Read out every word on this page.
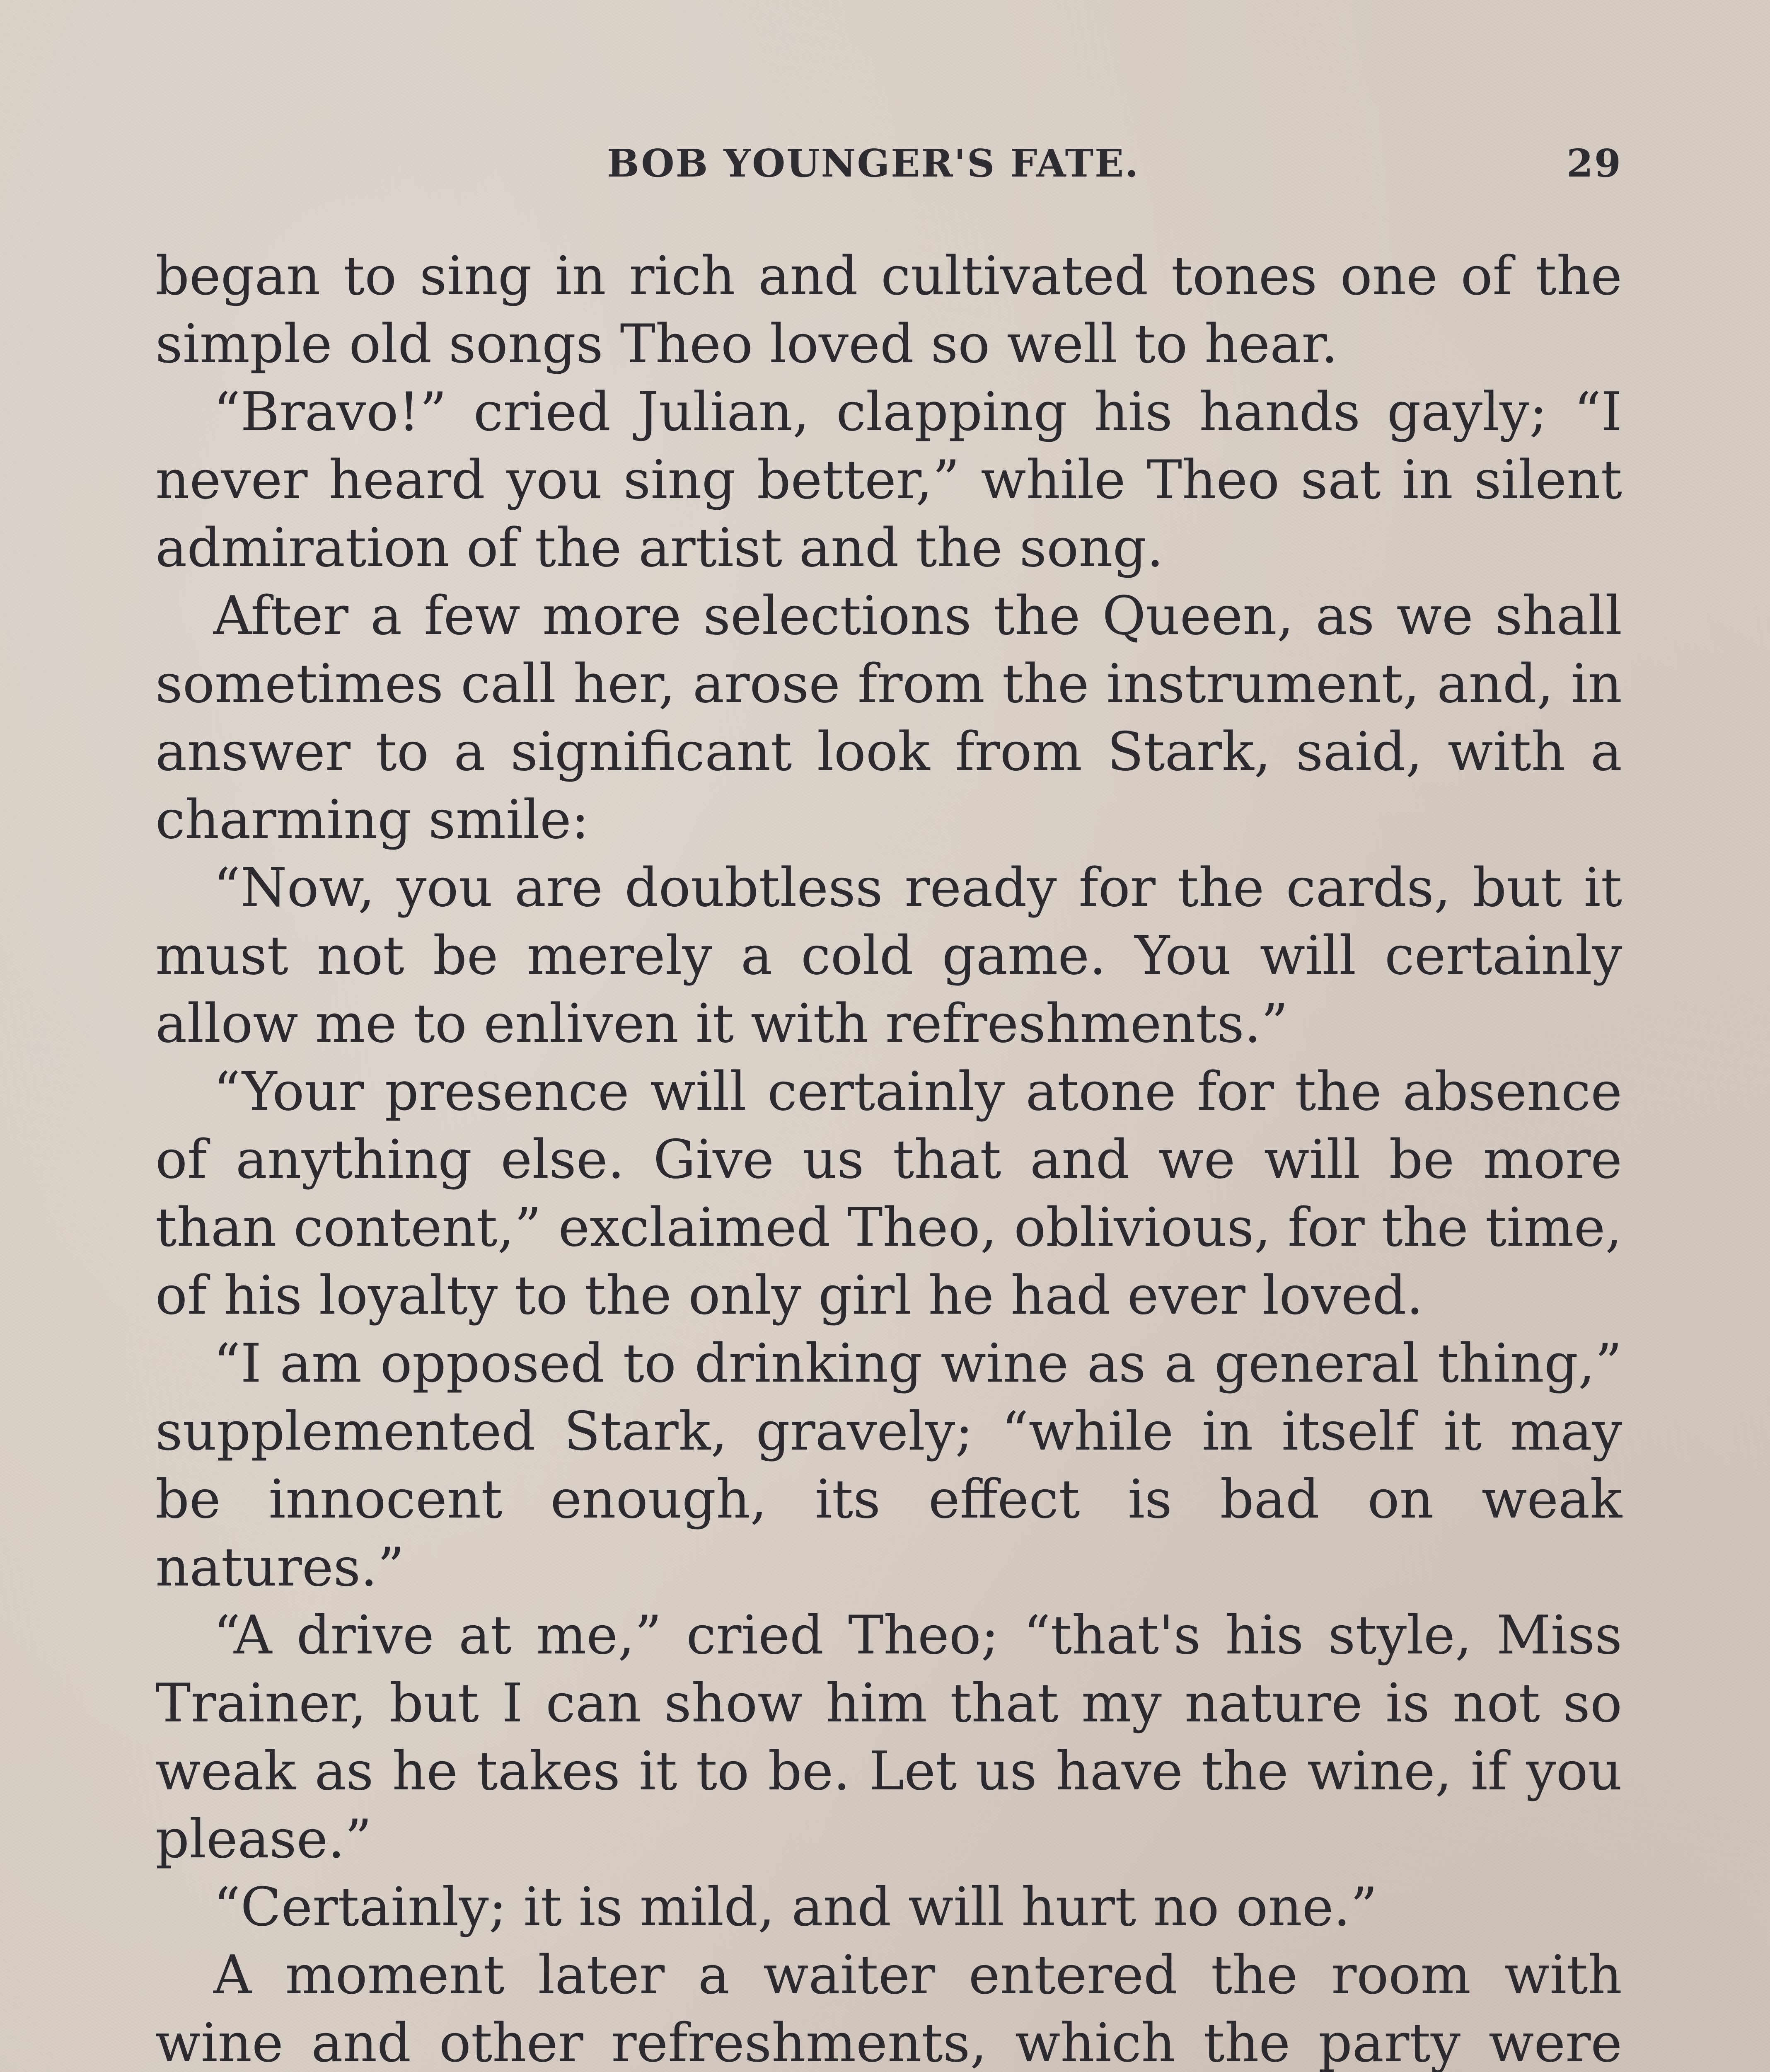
BOB YOUNGER'S FATE.	29

began to sing in rich and cultivated tones one of the simple old songs Theo loved so well to hear.

“Bravo!” cried Julian, clapping his hands gayly; “I never heard you sing better,” while Theo sat in silent admiration of the artist and the song.

After a few more selections the Queen, as we shall sometimes call her, arose from the instrument, and, in answer to a significant look from Stark, said, with a charming smile:

“Now, you are doubtless ready for the cards, but it must not be merely a cold game. You will certainly allow me to enliven it with refreshments.”

“Your presence will certainly atone for the absence of anything else. Give us that and we will be more than content,” exclaimed Theo, oblivious, for the time, of his loyalty to the only girl he had ever loved.

“I am opposed to drinking wine as a general thing,” supplemented Stark, gravely; “while in itself it may be innocent enough, its effect is bad on weak natures.”

“A drive at me,” cried Theo; “that's his style, Miss Trainer, but I can show him that my nature is not so weak as he takes it to be. Let us have the wine, if you please.”

“Certainly; it is mild, and will hurt no one.”

A moment later a waiter entered the room with wine and other refreshments, which the party were
